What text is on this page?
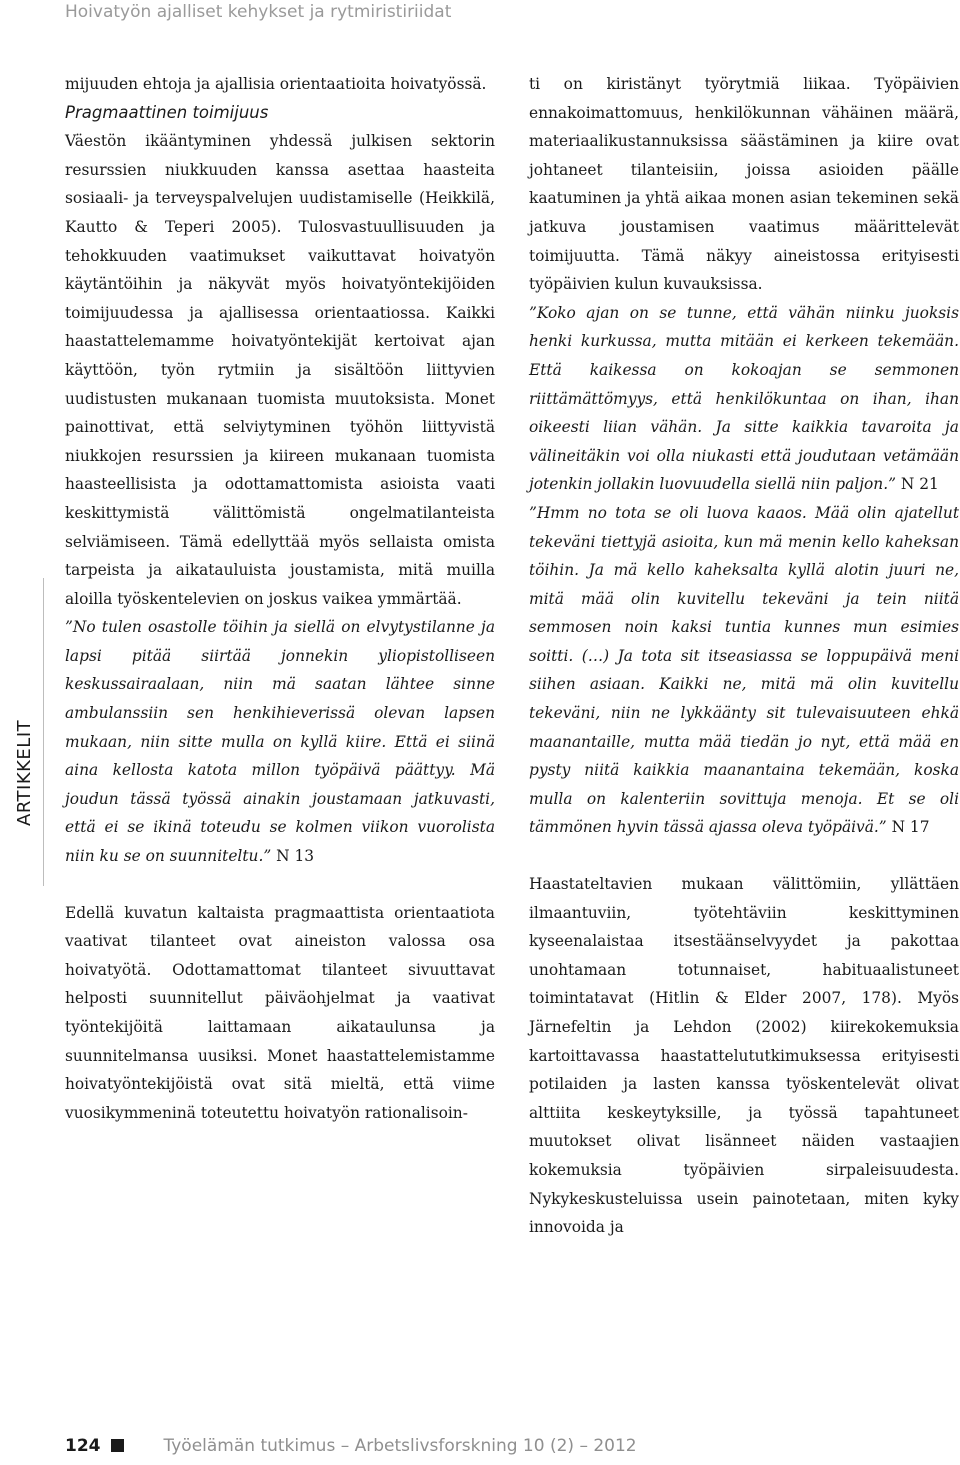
Hoivatyön ajalliset kehykset ja rytmiristiriidat
ARTIKKELIT

mijuuden ehtoja ja ajallisia orientaatioita hoivatyössä.

Pragmaattinen toimijuus

Väestön ikääntyminen yhdessä julkisen sektorin resurssien niukkuuden kanssa asettaa haasteita sosiaali- ja terveyspalvelujen uudistamiselle (Heikkilä, Kautto & Teperi 2005). Tulosvastuullisuuden ja tehokkuuden vaatimukset vaikuttavat hoivatyön käytäntöihin ja näkyvät myös hoivatyöntekijöiden toimijuudessa ja ajallisessa orientaatiossa. Kaikki haastattelemamme hoivatyöntekijät kertoivat ajan käyttöön, työn rytmiin ja sisältöön liittyvien uudistusten mukanaan tuomista muutoksista. Monet painottivat, että selviytyminen työhön liittyvistä niukkojen resurssien ja kiireen mukanaan tuomista haasteellisista ja odottamattomista asioista vaati keskittymistä välittömistä ongelmatilanteista selviämiseen. Tämä edellyttää myös sellaista omista tarpeista ja aikatauluista joustamista, mitä muilla aloilla työskentelevien on joskus vaikea ymmärtää.

”No tulen osastolle töihin ja siellä on elvytystilanne ja lapsi pitää siirtää jonnekin yliopistolliseen keskussairaalaan, niin mä saatan lähtee sinne ambulanssiin sen henkihieverissä olevan lapsen mukaan, niin sitte mulla on kyllä kiire. Että ei siinä aina kellosta katota millon työpäivä päättyy. Mä joudun tässä työssä ainakin joustamaan jatkuvasti, että ei se ikinä toteudu se kolmen viikon vuorolista niin ku se on suunniteltu.” N 13

Edellä kuvatun kaltaista pragmaattista orientaatiota vaativat tilanteet ovat aineiston valossa osa hoivatyötä. Odottamattomat tilanteet sivuuttavat helposti suunnitellut päiväohjelmat ja vaativat työntekijöitä laittamaan aikataulunsa ja suunnitelmansa uusiksi. Monet haastattelemistamme hoivatyöntekijöistä ovat sitä mieltä, että viime vuosikymmeninä toteutettu hoivatyön rationalisoin-

ti on kiristänyt työrytmiä liikaa. Työpäivien ennakoimattomuus, henkilökunnan vähäinen määrä, materiaalikustannuksissa säästäminen ja kiire ovat johtaneet tilanteisiin, joissa asioiden päälle kaatuminen ja yhtä aikaa monen asian tekeminen sekä jatkuva joustamisen vaatimus määrittelevät toimijuutta. Tämä näkyy aineistossa erityisesti työpäivien kulun kuvauksissa.

”Koko ajan on se tunne, että vähän niinku juoksis henki kurkussa, mutta mitään ei kerkeen tekemään. Että kaikessa on kokoajan se semmonen riittämättömyys, että henkilökuntaa on ihan, ihan oikeesti liian vähän. Ja sitte kaikkia tavaroita ja välineitäkin voi olla niukasti että joudutaan vetämään jotenkin jollakin luovuudella siellä niin paljon.” N 21

”Hmm no tota se oli luova kaaos. Mää olin ajatellut tekeväni tiettyjä asioita, kun mä menin kello kaheksan töihin. Ja mä kello kaheksalta kyllä alotin juuri ne, mitä mää olin kuvitellu tekeväni ja tein niitä semmosen noin kaksi tuntia kunnes mun esimies soitti. (…) Ja tota sit itseasiassa se loppupäivä meni siihen asiaan. Kaikki ne, mitä mä olin kuvitellu tekeväni, niin ne lykkäänty sit tulevaisuuteen ehkä maanantaille, mutta mää tiedän jo nyt, että mää en pysty niitä kaikkia maanantaina tekemään, koska mulla on kalenteriin sovittuja menoja. Et se oli tämmönen hyvin tässä ajassa oleva työpäivä.” N 17

Haastateltavien mukaan välittömiin, yllättäen ilmaantuviin, työtehtäviin keskittyminen kyseenalaistaa itsestäänselvyydet ja pakottaa unohtamaan totunnaiset, habituaalistuneet toimintatavat (Hitlin & Elder 2007, 178). Myös Järnefeltin ja Lehdon (2002) kiirekokemuksia kartoittavassa haastattelututkimuksessa erityisesti potilaiden ja lasten kanssa työskentelevät olivat alttiita keskeytyksille, ja työssä tapahtuneet muutokset olivat lisänneet näiden vastaajien kokemuksia työpäivien sirpaleisuudesta. Nykykeskusteluissa usein painotetaan, miten kyky innovoida ja

124	Työelämän tutkimus – Arbetslivsforskning 10 (2) – 2012
